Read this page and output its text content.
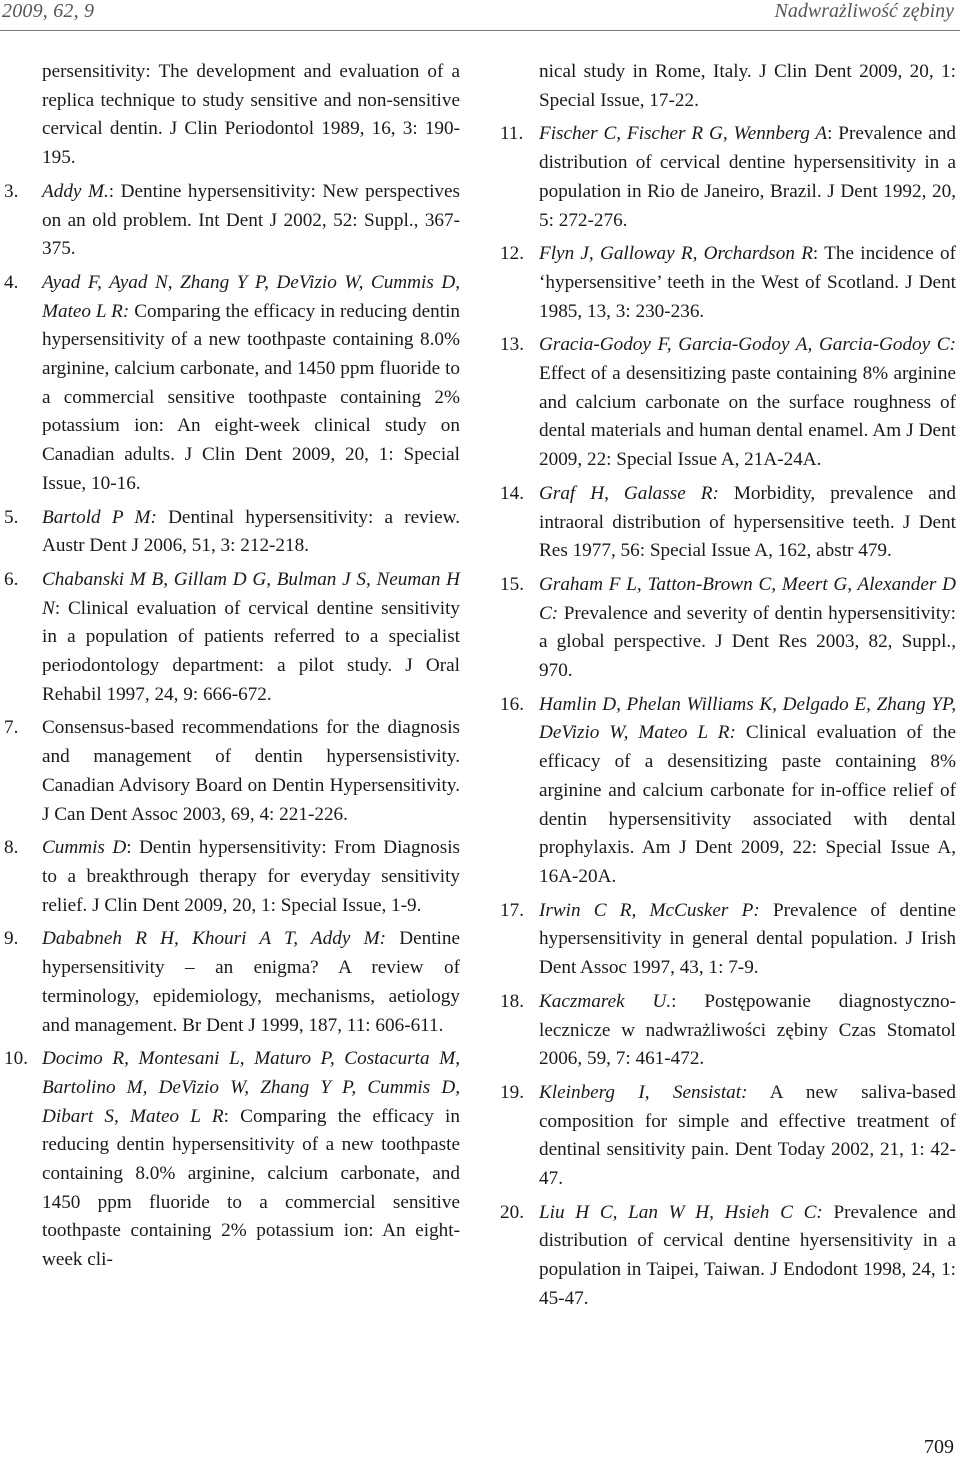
2009, 62, 9	Nadwrażliwość zębiny
persensitivity: The development and evaluation of a replica technique to study sensitive and non-sensitive cervical dentin. J Clin Periodontol 1989, 16, 3: 190-195.
3. Addy M.: Dentine hypersensitivity: New perspectives on an old problem. Int Dent J 2002, 52: Suppl., 367-375.
4. Ayad F, Ayad N, Zhang Y P, DeVizio W, Cummis D, Mateo L R: Comparing the efficacy in reducing dentin hypersensitivity of a new toothpaste containing 8.0% arginine, calcium carbonate, and 1450 ppm fluoride to a commercial sensitive toothpaste containing 2% potassium ion: An eight-week clinical study on Canadian adults. J Clin Dent 2009, 20, 1: Special Issue, 10-16.
5. Bartold P M: Dentinal hypersensitivity: a review. Austr Dent J 2006, 51, 3: 212-218.
6. Chabanski M B, Gillam D G, Bulman J S, Neuman H N: Clinical evaluation of cervical dentine sensitivity in a population of patients referred to a specialist periodontology department: a pilot study. J Oral Rehabil 1997, 24, 9: 666-672.
7. Consensus-based recommendations for the diagnosis and management of dentin hypersensistivity. Canadian Advisory Board on Dentin Hypersensitivity. J Can Dent Assoc 2003, 69, 4: 221-226.
8. Cummis D: Dentin hypersensitivity: From Diagnosis to a breakthrough therapy for everyday sensitivity relief. J Clin Dent 2009, 20, 1: Special Issue, 1-9.
9. Dababneh R H, Khouri A T, Addy M: Dentine hypersensitivity – an enigma? A review of terminology, epidemiology, mechanisms, aetiology and management. Br Dent J 1999, 187, 11: 606-611.
10. Docimo R, Montesani L, Maturo P, Costacurta M, Bartolino M, DeVizio W, Zhang Y P, Cummis D, Dibart S, Mateo L R: Comparing the efficacy in reducing dentin hypersensitivity of a new toothpaste containing 8.0% arginine, calcium carbonate, and 1450 ppm fluoride to a commercial sensitive toothpaste containing 2% potassium ion: An eight-week cli-
nical study in Rome, Italy. J Clin Dent 2009, 20, 1: Special Issue, 17-22.
11. Fischer C, Fischer R G, Wennberg A: Prevalence and distribution of cervical dentine hypersensitivity in a population in Rio de Janeiro, Brazil. J Dent 1992, 20, 5: 272-276.
12. Flyn J, Galloway R, Orchardson R: The incidence of ‘hypersensitive’ teeth in the West of Scotland. J Dent 1985, 13, 3: 230-236.
13. Gracia-Godoy F, Garcia-Godoy A, Garcia-Godoy C: Effect of a desensitizing paste containing 8% arginine and calcium carbonate on the surface roughness of dental materials and human dental enamel. Am J Dent 2009, 22: Special Issue A, 21A-24A.
14. Graf H, Galasse R: Morbidity, prevalence and intraoral distribution of hypersensitive teeth. J Dent Res 1977, 56: Special Issue A, 162, abstr 479.
15. Graham F L, Tatton-Brown C, Meert G, Alexander D C: Prevalence and severity of dentin hypersensitivity: a global perspective. J Dent Res 2003, 82, Suppl., 970.
16. Hamlin D, Phelan Williams K, Delgado E, Zhang YP, DeVizio W, Mateo L R: Clinical evaluation of the efficacy of a desensitizing paste containing 8% arginine and calcium carbonate for in-office relief of dentin hypersensitivity associated with dental prophylaxis. Am J Dent 2009, 22: Special Issue A, 16A-20A.
17. Irwin C R, McCusker P: Prevalence of dentine hypersensitivity in general dental population. J Irish Dent Assoc 1997, 43, 1: 7-9.
18. Kaczmarek U.: Postępowanie diagnostyczno-lecznicze w nadwrażliwości zębiny Czas Stomatol 2006, 59, 7: 461-472.
19. Kleinberg I, Sensistat: A new saliva-based composition for simple and effective treatment of dentinal sensitivity pain. Dent Today 2002, 21, 1: 42-47.
20. Liu H C, Lan W H, Hsieh C C: Prevalence and distribution of cervical dentine hyersensitivity in a population in Taipei, Taiwan. J Endodont 1998, 24, 1: 45-47.
709
